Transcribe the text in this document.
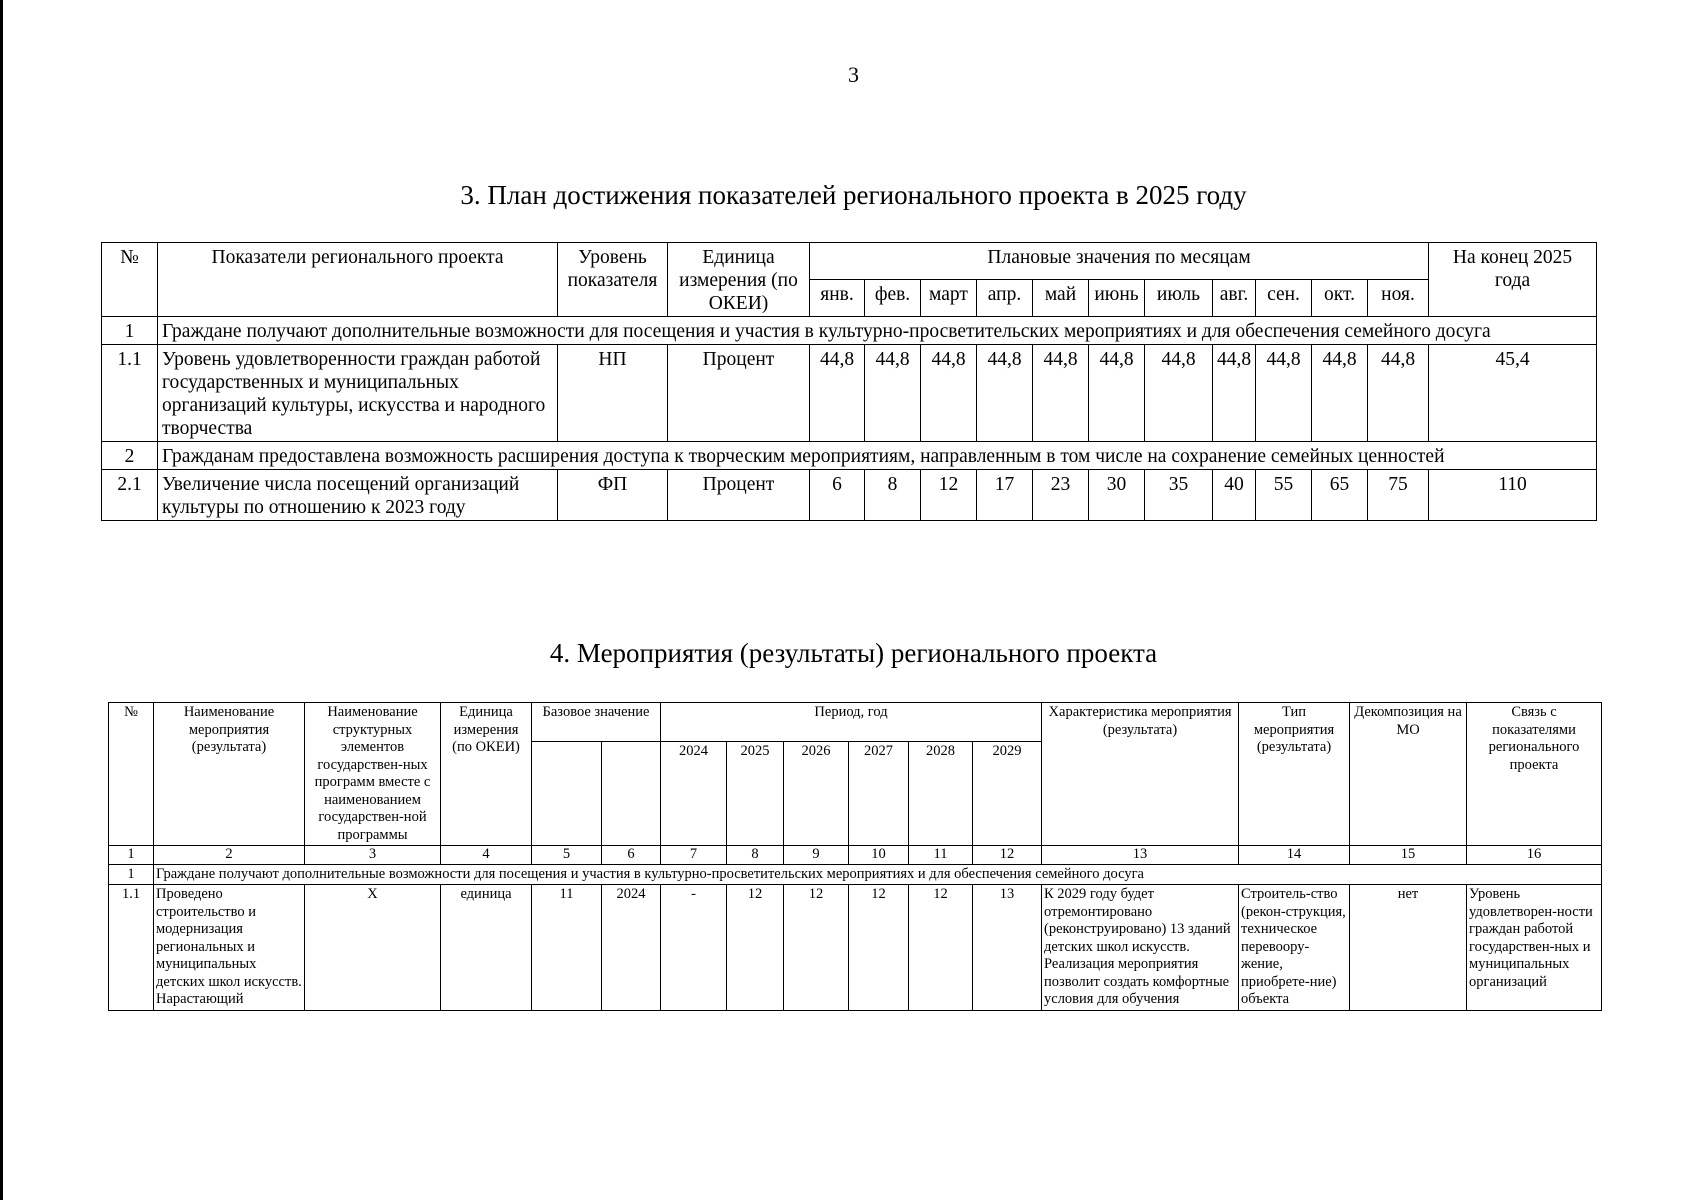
3
3. План достижения показателей регионального проекта в 2025 году
№	Показатели регионального проекта	Уровень показателя	Единица измерения (по ОКЕИ)	Плановые значения по месяцам											На конец 2025 года
				янв.	фев.	март	апр.	май	июнь	июль	авг.	сен.	окт.	ноя.	
1	Граждане получают дополнительные возможности для посещения и участия в культурно-просветительских мероприятиях и для обеспечения семейного досуга														
1.1	Уровень удовлетворенности граждан работой государственных и муниципальных организаций культуры, искусства и народного творчества	НП	Процент	44,8	44,8	44,8	44,8	44,8	44,8	44,8	44,8	44,8	44,8	44,8	45,4
2	Гражданам предоставлена возможность расширения доступа к творческим мероприятиям, направленным в том числе на сохранение семейных ценностей														
2.1	Увеличение числа посещений организаций культуры по отношению к 2023 году	ФП	Процент	6	8	12	17	23	30	35	40	55	65	75	110
4. Мероприятия (результаты) регионального проекта
№	Наименование мероприятия (результата)	Наименование структурных элементов государствен-ных программ вместе с наименованием государствен-ной программы	Единица измерения (по ОКЕИ)	Базовое значение		Период, год						Характеристика мероприятия (результата)	Тип мероприятия (результата)	Декомпозиция на МО	Связь с показателями регионального проекта
						2024	2025	2026	2027	2028	2029				

1	2	3	4	5	6	7	8	9	10	11	12	13	14	15	16
1	Граждане получают дополнительные возможности для посещения и участия в культурно-просветительских мероприятиях и для обеспечения семейного досуга														
1.1	Проведено строительство и модернизация региональных и муниципальных детских школ искусств. Нарастающий	Х	единица	11	2024	-	12	12	12	12	13	К 2029 году будет отремонтировано (реконструировано) 13 зданий детских школ искусств. Реализация мероприятия позволит создать комфортные условия для обучения	Строитель-ство (рекон-струкция, техническое перевоору-жение, приобрете-ние) объекта	нет	Уровень удовлетворен-ности граждан работой государствен-ных и муниципальных организаций
